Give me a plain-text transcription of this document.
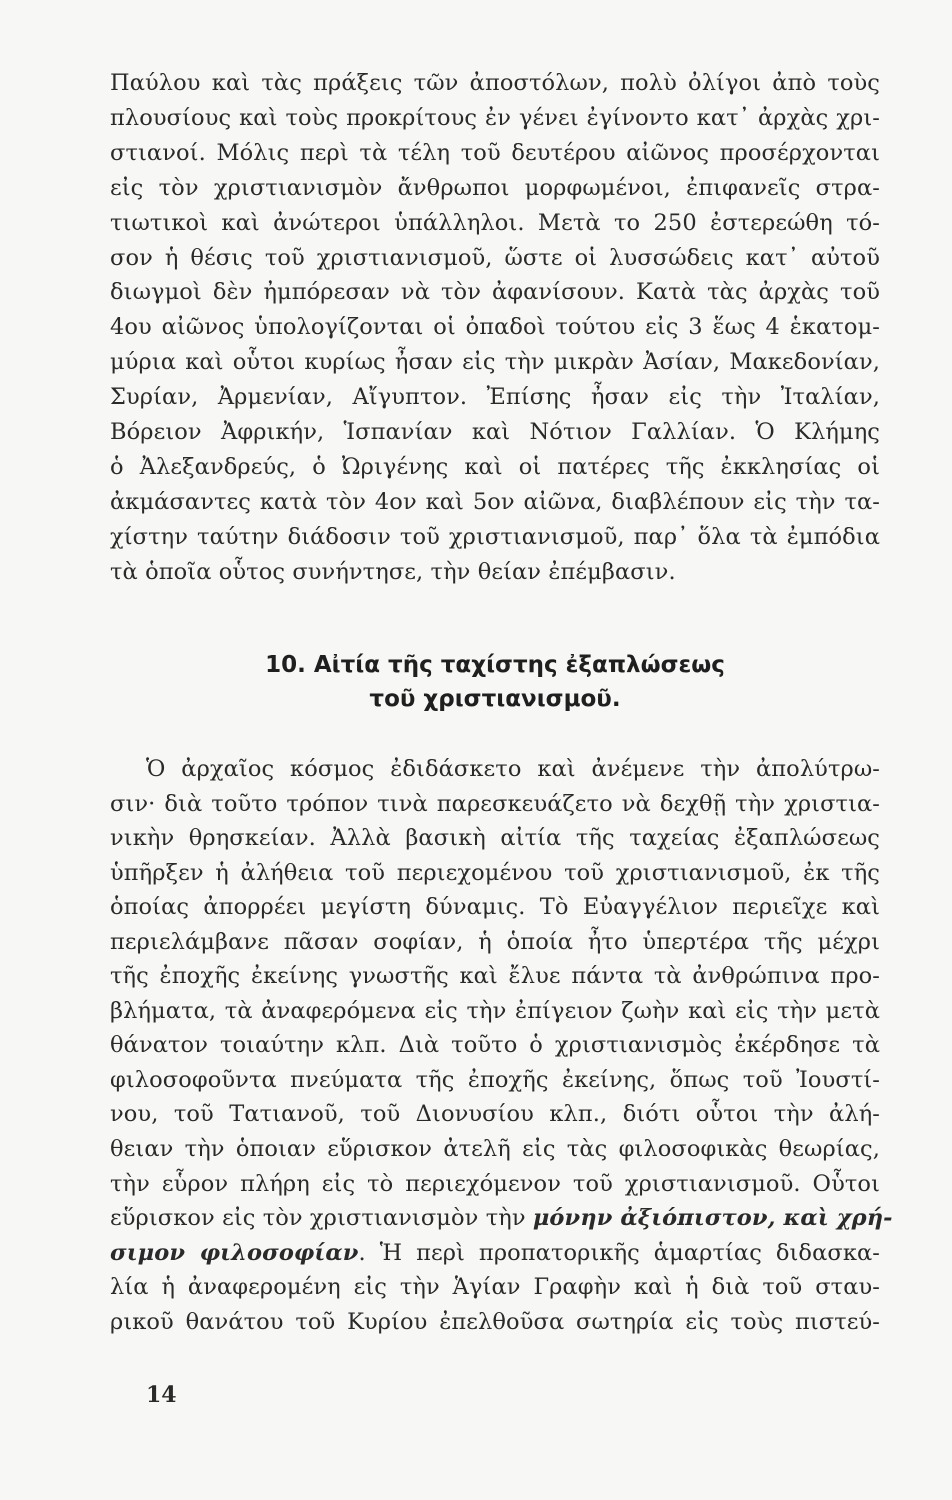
Παύλου καὶ τὰς πράξεις τῶν ἀποστόλων, πολὺ ὀλίγοι ἀπὸ τοὺς
πλουσίους καὶ τοὺς προκρίτους ἐν γένει ἐγίνοντο κατ᾽ ἀρχὰς χρι-
στιανοί. Μόλις περὶ τὰ τέλη τοῦ δευτέρου αἰῶνος προσέρχονται
εἰς τὸν χριστιανισμὸν ἄνθρωποι μορφωμένοι, ἐπιφανεῖς στρα-
τιωτικοὶ καὶ ἀνώτεροι ὑπάλληλοι. Μετὰ το 250 ἐστερεώθη τό-
σον ἡ θέσις τοῦ χριστιανισμοῦ, ὥστε οἱ λυσσώδεις κατ᾽ αὐτοῦ
διωγμοὶ δὲν ἠμπόρεσαν νὰ τὸν ἀφανίσουν. Κατὰ τὰς ἀρχὰς τοῦ
4ου αἰῶνος ὑπολογίζονται οἱ ὀπαδοὶ τούτου εἰς 3 ἕως 4 ἑκατομ-
μύρια καὶ οὗτοι κυρίως ἦσαν εἰς τὴν μικρὰν Ἀσίαν, Μακεδονίαν,
Συρίαν, Ἀρμενίαν, Αἴγυπτον. Ἐπίσης ἦσαν εἰς τὴν Ἰταλίαν,
Βόρειον Ἀφρικήν, Ἱσπανίαν καὶ Νότιον Γαλλίαν. Ὁ Κλήμης
ὁ Ἀλεξανδρεύς, ὁ Ὠριγένης καὶ οἱ πατέρες τῆς ἐκκλησίας οἱ
ἀκμάσαντες κατὰ τὸν 4ον καὶ 5ον αἰῶνα, διαβλέπουν εἰς τὴν τα-
χίστην ταύτην διάδοσιν τοῦ χριστιανισμοῦ, παρ᾽ ὅλα τὰ ἐμπόδια
τὰ ὁποῖα οὗτος συνήντησε, τὴν θείαν ἐπέμβασιν.
10. Αἰτία τῆς ταχίστης ἐξαπλώσεως
τοῦ χριστιανισμοῦ.
Ὁ ἀρχαῖος κόσμος ἐδιδάσκετο καὶ ἀνέμενε τὴν ἀπολύτρω-
σιν· διὰ τοῦτο τρόπον τινὰ παρεσκευάζετο νὰ δεχθῇ τὴν χριστια-
νικὴν θρησκείαν. Ἀλλὰ βασικὴ αἰτία τῆς ταχείας ἐξαπλώσεως
ὑπῆρξεν ἡ ἀλήθεια τοῦ περιεχομένου τοῦ χριστιανισμοῦ, ἐκ τῆς
ὁποίας ἀπορρέει μεγίστη δύναμις. Τὸ Εὐαγγέλιον περιεῖχε καὶ
περιελάμβανε πᾶσαν σοφίαν, ἡ ὁποία ἦτο ὑπερτέρα τῆς μέχρι
τῆς ἐποχῆς ἐκείνης γνωστῆς καὶ ἔλυε πάντα τὰ ἀνθρώπινα προ-
βλήματα, τὰ ἀναφερόμενα εἰς τὴν ἐπίγειον ζωὴν καὶ εἰς τὴν μετὰ
θάνατον τοιαύτην κλπ. Διὰ τοῦτο ὁ χριστιανισμὸς ἐκέρδησε τὰ
φιλοσοφοῦντα πνεύματα τῆς ἐποχῆς ἐκείνης, ὅπως τοῦ Ἰουστί-
νου, τοῦ Τατιανοῦ, τοῦ Διονυσίου κλπ., διότι οὗτοι τὴν ἀλή-
θειαν τὴν ὁποιαν εὕρισκον ἀτελῆ εἰς τὰς φιλοσοφικὰς θεωρίας,
τὴν εὗρον πλήρη εἰς τὸ περιεχόμενον τοῦ χριστιανισμοῦ. Οὗτοι
εὕρισκον εἰς τὸν χριστιανισμὸν τὴν μόνην ἀξιόπιστον, καὶ χρή-
σιμον φιλοσοφίαν. Ἡ περὶ προπατορικῆς ἁμαρτίας διδασκα-
λία ἡ ἀναφερομένη εἰς τὴν Ἁγίαν Γραφὴν καὶ ἡ διὰ τοῦ σταυ-
ρικοῦ θανάτου τοῦ Κυρίου ἐπελθοῦσα σωτηρία εἰς τοὺς πιστεύ-
14
